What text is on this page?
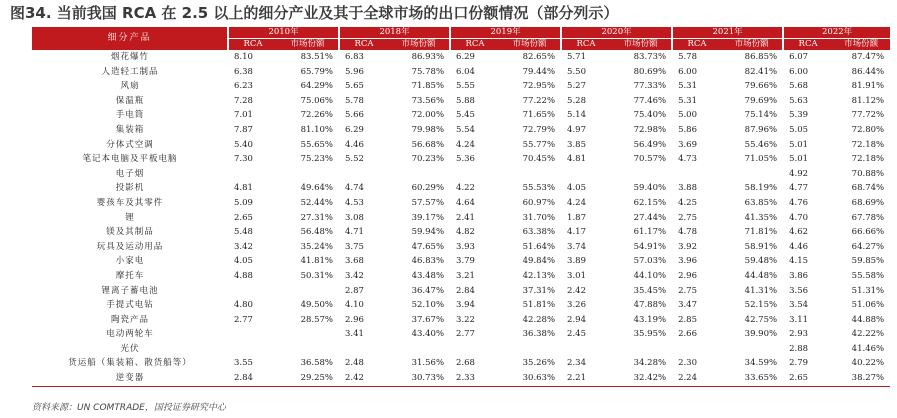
图34. 当前我国 RCA 在 2.5 以上的细分产业及其于全球市场的出口份额情况（部分列示）
细分产品	2010年		2018年		2019年		2020年		2021年		2022年	
	RCA	市场份额	RCA	市场份额	RCA	市场份额	RCA	市场份额	RCA	市场份额	RCA	市场份额
烟花爆竹	8.10	83.51%	6.83	86.93%	6.29	82.65%	5.71	83.73%	5.78	86.85%	6.07	87.47%
人造轻工制品	6.38	65.79%	5.96	75.78%	6.04	79.44%	5.50	80.69%	6.00	82.41%	6.00	86.44%
风扇	6.23	64.29%	5.65	71.85%	5.55	72.95%	5.27	77.33%	5.31	79.66%	5.68	81.91%
保温瓶	7.28	75.06%	5.78	73.56%	5.88	77.22%	5.28	77.46%	5.31	79.69%	5.63	81.12%
手电筒	7.01	72.26%	5.66	72.00%	5.45	71.65%	5.14	75.40%	5.00	75.14%	5.39	77.72%
集装箱	7.87	81.10%	6.29	79.98%	5.54	72.79%	4.97	72.98%	5.86	87.96%	5.05	72.80%
分体式空调	5.40	55.65%	4.46	56.68%	4.24	55.77%	3.85	56.49%	3.69	55.46%	5.01	72.18%
笔记本电脑及平板电脑	7.30	75.23%	5.52	70.23%	5.36	70.45%	4.81	70.57%	4.73	71.05%	5.01	72.18%
电子烟											4.92	70.88%
投影机	4.81	49.64%	4.74	60.29%	4.22	55.53%	4.05	59.40%	3.88	58.19%	4.77	68.74%
婴孩车及其零件	5.09	52.44%	4.53	57.57%	4.64	60.97%	4.24	62.15%	4.25	63.85%	4.76	68.69%
锂	2.65	27.31%	3.08	39.17%	2.41	31.70%	1.87	27.44%	2.75	41.35%	4.70	67.78%
镁及其制品	5.48	56.48%	4.71	59.94%	4.82	63.38%	4.17	61.17%	4.78	71.81%	4.62	66.66%
玩具及运动用品	3.42	35.24%	3.75	47.65%	3.93	51.64%	3.74	54.91%	3.92	58.91%	4.46	64.27%
小家电	4.05	41.81%	3.68	46.83%	3.79	49.84%	3.89	57.03%	3.96	59.48%	4.15	59.85%
摩托车	4.88	50.31%	3.42	43.48%	3.21	42.13%	3.01	44.10%	2.96	44.48%	3.86	55.58%
锂离子蓄电池			2.87	36.47%	2.84	37.31%	2.42	35.45%	2.75	41.31%	3.56	51.31%
手提式电钻	4.80	49.50%	4.10	52.10%	3.94	51.81%	3.26	47.88%	3.47	52.15%	3.54	51.06%
陶瓷产品	2.77	28.57%	2.96	37.67%	3.22	42.28%	2.94	43.19%	2.85	42.75%	3.11	44.88%
电动两轮车			3.41	43.40%	2.77	36.38%	2.45	35.95%	2.66	39.90%	2.93	42.22%
光伏											2.88	41.46%
货运船（集装箱、散货船等）	3.55	36.58%	2.48	31.56%	2.68	35.26%	2.34	34.28%	2.30	34.59%	2.79	40.22%
逆变器	2.84	29.25%	2.42	30.73%	2.33	30.63%	2.21	32.42%	2.24	33.65%	2.65	38.27%
资料来源：UN COMTRADE，国投证券研究中心
